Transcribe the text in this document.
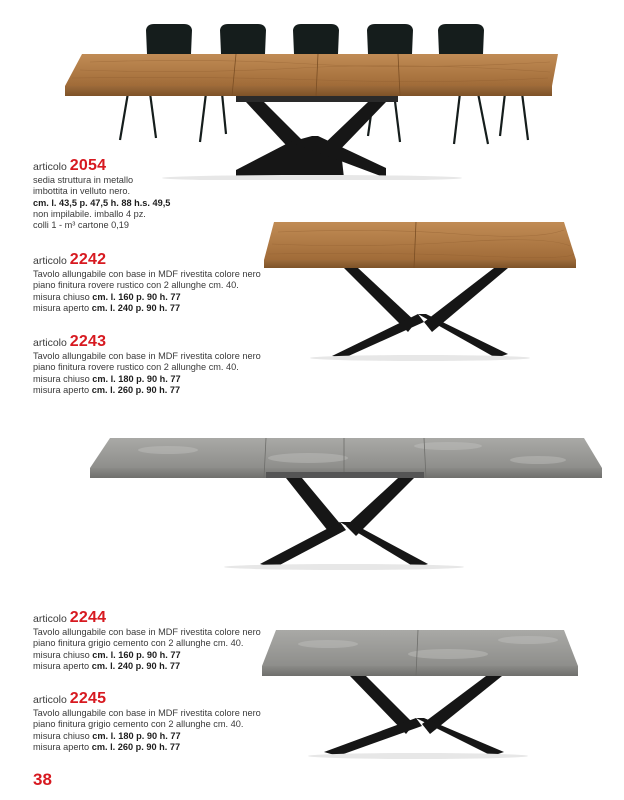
articolo 2054
sedia struttura in metallo
imbottita in velluto nero.
cm. l. 43,5 p. 47,5 h. 88 h.s. 49,5
non impilabile. imballo 4 pz.
colli 1 - m³ cartone 0,19
articolo 2242
Tavolo allungabile con base in MDF rivestita colore nero
piano finitura rovere rustico con 2 allunghe cm. 40.
misura chiuso cm. l. 160 p. 90 h. 77
misura aperto cm. l. 240 p. 90 h. 77
articolo 2243
Tavolo allungabile con base in MDF rivestita colore nero
piano finitura rovere rustico con 2 allunghe cm. 40.
misura chiuso cm. l. 180 p. 90 h. 77
misura aperto cm. l. 260 p. 90 h. 77
articolo 2244
Tavolo allungabile con base in MDF rivestita colore nero
piano finitura grigio cemento con 2 allunghe cm. 40.
misura chiuso cm. l. 160 p. 90 h. 77
misura aperto cm. l. 240 p. 90 h. 77
articolo 2245
Tavolo allungabile con base in MDF rivestita colore nero
piano finitura grigio cemento con 2 allunghe cm. 40.
misura chiuso cm. l. 180 p. 90 h. 77
misura aperto cm. l. 260 p. 90 h. 77
38
